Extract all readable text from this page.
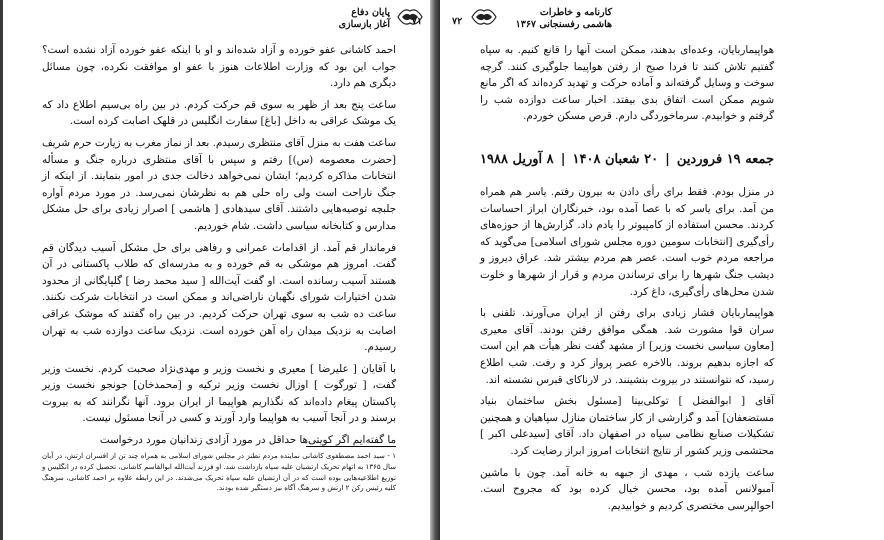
پایان دفاع
آغاز بازسازی ۷۱

احمد کاشانی عفو خورده و آزاد شده‌اند و او با اینکه عفو خورده آزاد نشده است؟ جواب این بود که وزارت اطلاعات هنوز با عفو او موافقت نکرده، چون مسائل دیگری هم دارد.

ساعت پنج بعد از ظهر به سوی قم حرکت کردم. در بین راه بی‌سیم اطلاع داد که یک موشک عراقی به داخل [باغ] سفارت انگلیس در قلهک اصابت کرده است.

ساعت هفت به منزل آقای منتظری رسیدم. بعد از نماز مغرب به زیارت حرم شریف [حضرت معصومه (س)] رفتم و سپس با آقای منتظری درباره جنگ و مسأله انتخابات مذاکره کردیم؛ ایشان نمی‌خواهد دخالت جدی در امور بنمایند. از اینکه از جنگ ناراحت است ولی راه حلی هم به نظرشان نمی‌رسد. در مورد مردم آواره جلبچه توصیه‌هایی داشتند. آقای سیدهادی [ هاشمی ] اصرار زیادی برای حل مشکل مدارس و کتابخانه سیاسی داشت. شام خوردیم.

فرماندار قم آمد. از اقدامات عمرانی و رفاهی برای حل مشکل آسیب دیدگان قم گفت. امروز هم موشکی به قم خورده و به مدرسه‌ای که طلاب پاکستانی در آن هستند آسیب رسانده است. او گفت آیت‌الله [ سید محمد رضا ] گلپایگانی از محدود شدن اختیارات شورای نگهبان ناراضی‌اند و ممکن است در انتخابات شرکت نکنند. ساعت ده شب به سوی تهران حرکت کردیم. در بین راه گفتند که موشک عراقی اصابت به نزدیک میدان راه آهن خورده است. نزدیک ساعت دوازده شب به تهران رسیدم.

با آقایان [ علیرضا ] معیری و نخست وزیر و مهدی‌نژاد صحبت کردم. نخست وزیر گفت، [ تورگوت ] اوزال نخست وزیر ترکیه و [محمدخان] جونجو نخست وزیر پاکستان پیغام داده‌اند که نگذاریم هواپیما از ایران برود. آنها نگرانند که به بیروت برسند و در آنجا آسیب به هواپیما وارد آورند و کسی در آنجا مسئول نیست.

ما گفته‌ایم اگر کویتی‌ها حداقل در مورد آزادی زندانیان مورد درخواست

۱ - سید احمد مصطفوی کاشانی نماینده مردم نطنز در مجلس شورای اسلامی به همراه چند تن از افسران ارتش، در آبان سال ۱۳۶۵ به اتهام تحریک ارتشیان علیه سپاه بازداشت شد. او فرزند آیت‌الله ابوالقاسم کاشانی، تحصیل کرده در انگلیس و توزیع اطلاعیه‌هایی بوده است که در آن ارتشیان علیه سپاه تحریک می‌شدند. در این رابطه علاوه بر احمد کاشانی، سرهنگ کلیه رئیس رکن ۲ ارتش و سرهنگ آگاه نیز دستگیر شده بودند.
۷۲
کارنامه و خاطرات
هاشمی رفسنجانی ۱۳۶۷

هواپیماربایان، وعده‌ای بدهند، ممکن است آنها را قانع کنیم. به سپاه گفتیم تلاش کنند تا فردا صبح از رفتن هواپیما جلوگیری کنند. گرچه سوخت و وسایل گرفته‌اند و آماده حرکت و تهدید کرده‌اند که اگر مانع شویم ممکن است اتفاق بدی بیفتد. اخبار ساعت دوازده شب را گرفتم و خوابیدم. سرماخوردگی دارم. قرص مسکن خوردم.

جمعه ۱۹ فروردین
|
۲۰ شعبان ۱۴۰۸
|
۸ آوریل ۱۹۸۸

در منزل بودم. فقط برای رأی دادن به بیرون رفتم. یاسر هم همراه من آمد. برای یاسر که با عصا آمده بود، خبرنگاران ابراز احساسات کردند. محسن استفاده از کامپیوتر را یادم داد. گزارش‌ها از حوزه‌های رأی‌گیری [انتخابات سومین دوره مجلس شورای اسلامی] می‌گوید که مراجعه مردم خوب است. عصر هم مردم بیشتر شد. عراق دیروز و دیشب جنگ شهرها را برای ترساندن مردم و قرار از شهرها و خلوت شدن محل‌های رأی‌گیری، داغ کرد.

هواپیماربایان فشار زیادی برای رفتن از ایران می‌آورند. تلفنی با سران قوا مشورت شد. همگی موافق رفتن بودند. آقای معیری [معاون سیاسی نخست وزیر] از مشهد گفت نظر هیأت هم این است که اجازه بدهیم بروند. بالاخره عصر پرواز کرد و رفت. شب اطلاع رسید، که نتوانستند در بیروت بنشینند. در لارناکای قبرس نشسته اند.

آقای [ ابوالفضل ] توکلی‌بینا [مسئول بخش ساختمان بنیاد مستضعفان] آمد و گزارشی از کار ساختمان منازل سپاهیان و همچنین تشکیلات صنایع نظامی سپاه در اصفهان داد. آقای [سیدعلی اکبر ] محتشمی وزیر کشور از نتایج انتخابات امروز ابراز رضایت کرد.

ساعت یازده شب ، مهدی از جبهه به خانه آمد. چون با ماشین آمبولانس آمده بود، محسن خیال کرده بود که مجروح است. احوالپرسی مختصری کردیم و خوابیدیم.
